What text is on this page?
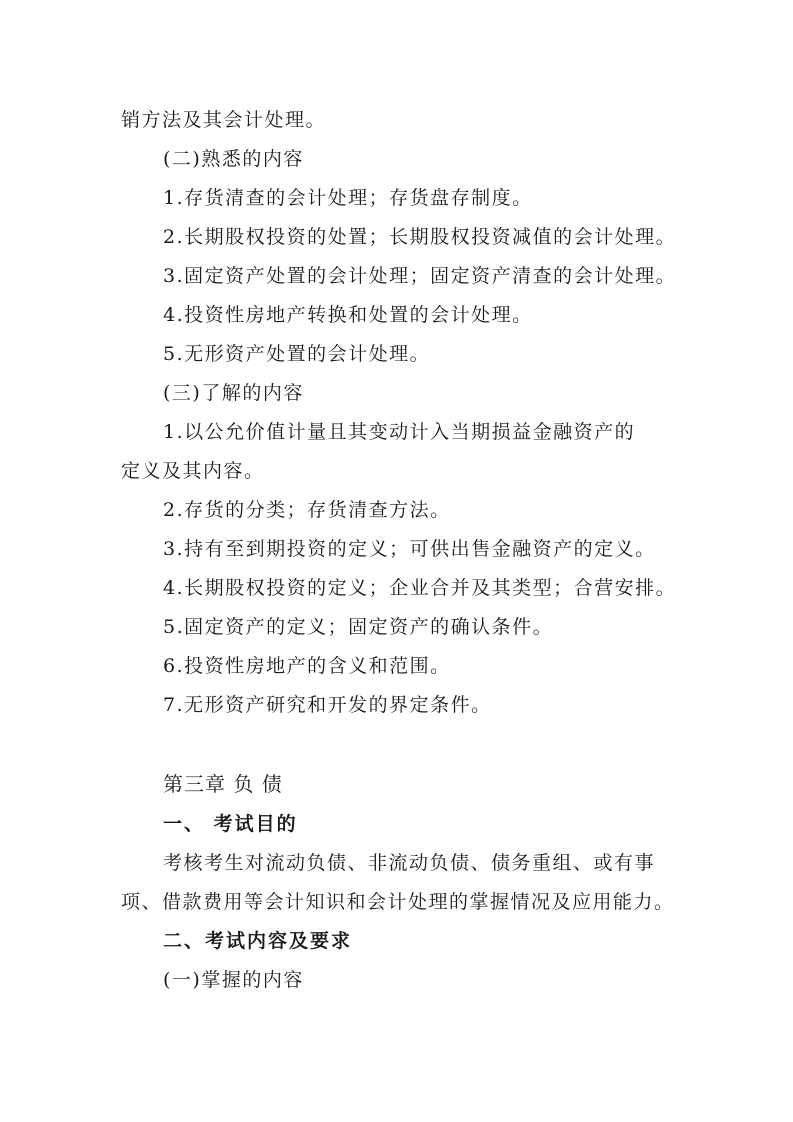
销方法及其会计处理。
(二)熟悉的内容
1.存货清查的会计处理；存货盘存制度。
2.长期股权投资的处置；长期股权投资减值的会计处理。
3.固定资产处置的会计处理；固定资产清查的会计处理。
4.投资性房地产转换和处置的会计处理。
5.无形资产处置的会计处理。
(三)了解的内容
1.以公允价值计量且其变动计入当期损益金融资产的
定义及其内容。
2.存货的分类；存货清查方法。
3.持有至到期投资的定义；可供出售金融资产的定义。
4.长期股权投资的定义；企业合并及其类型；合营安排。
5.固定资产的定义；固定资产的确认条件。
6.投资性房地产的含义和范围。
7.无形资产研究和开发的界定条件。
第三章 负 债
一、 考试目的
考核考生对流动负债、非流动负债、债务重组、或有事
项、借款费用等会计知识和会计处理的掌握情况及应用能力。
二、考试内容及要求
(一)掌握的内容
